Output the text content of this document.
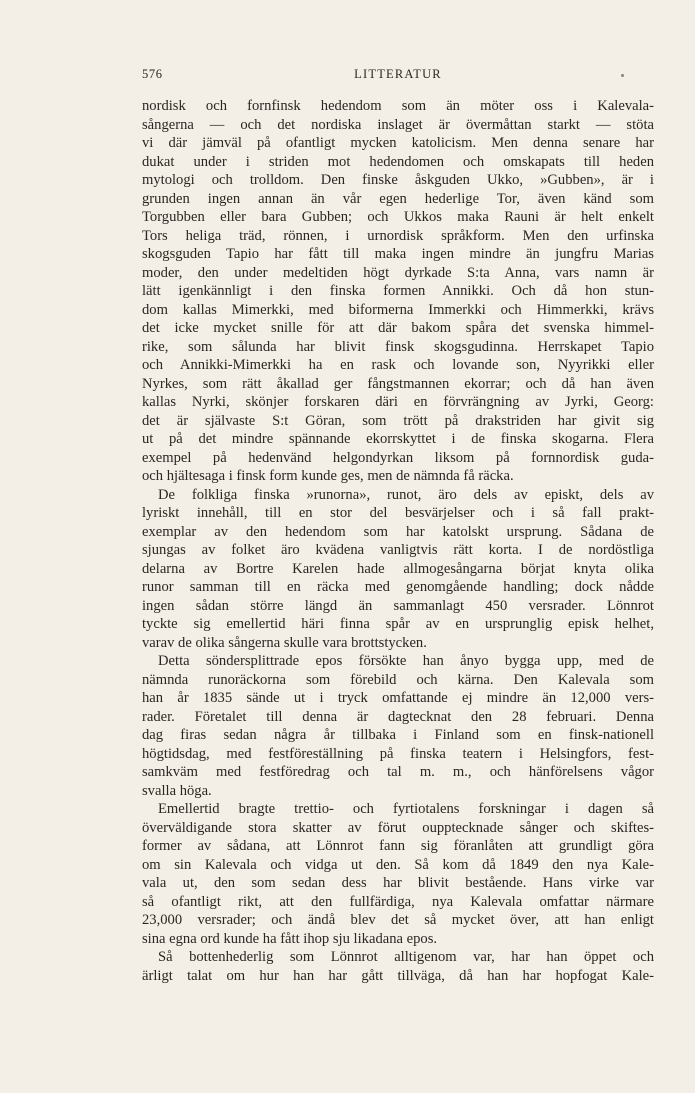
576	LITTERATUR
nordisk och fornfinsk hedendom som än möter oss i Kalevala-
sångerna — och det nordiska inslaget är övermåttan starkt — stöta
vi där jämväl på ofantligt mycken katolicism. Men denna senare har
dukat under i striden mot hedendomen och omskapats till heden
mytologi och trolldom. Den finske åskguden Ukko, »Gubben», är i
grunden ingen annan än vår egen hederlige Tor, även känd som
Torgubben eller bara Gubben; och Ukkos maka Rauni är helt enkelt
Tors heliga träd, rönnen, i urnordisk språkform. Men den urfinska
skogsguden Tapio har fått till maka ingen mindre än jungfru Marias
moder, den under medeltiden högt dyrkade S:ta Anna, vars namn är
lätt igenkännligt i den finska formen Annikki. Och då hon stun-
dom kallas Mimerkki, med biformerna Immerkki och Himmerkki, krävs
det icke mycket snille för att där bakom spåra det svenska himmel-
rike, som sålunda har blivit finsk skogsgudinna. Herrskapet Tapio
och Annikki-Mimerkki ha en rask och lovande son, Nyyrikki eller
Nyrkes, som rätt åkallad ger fångstmannen ekorrar; och då han även
kallas Nyrki, skönjer forskaren däri en förvrängning av Jyrki, Georg:
det är självaste S:t Göran, som trött på drakstriden har givit sig
ut på det mindre spännande ekorrskyttet i de finska skogarna. Flera
exempel på hedenvänd helgondyrkan liksom på fornnordisk guda-
och hjältesaga i finsk form kunde ges, men de nämnda få räcka.
De folkliga finska »runorna», runot, äro dels av episkt, dels av
lyriskt innehåll, till en stor del besvärjelser och i så fall prakt-
exemplar av den hedendom som har katolskt ursprung. Sådana de
sjungas av folket äro kvädena vanligtvis rätt korta. I de nordöstliga
delarna av Bortre Karelen hade allmogesångarna börjat knyta olika
runor samman till en räcka med genomgående handling; dock nådde
ingen sådan större längd än sammanlagt 450 versrader. Lönnrot
tyckte sig emellertid häri finna spår av en ursprunglig episk helhet,
varav de olika sångerna skulle vara brottstycken.
Detta söndersplittrade epos försökte han ånyo bygga upp, med de
nämnda runoräckorna som förebild och kärna. Den Kalevala som
han år 1835 sände ut i tryck omfattande ej mindre än 12,000 vers-
rader. Företalet till denna är dagtecknat den 28 februari. Denna
dag firas sedan några år tillbaka i Finland som en finsk-nationell
högtidsdag, med festföreställning på finska teatern i Helsingfors, fest-
samkväm med festföredrag och tal m. m., och hänförelsens vågor
svalla höga.
Emellertid bragte trettio- och fyrtiotalens forskningar i dagen så
överväldigande stora skatter av förut oupptecknade sånger och skiftes-
former av sådana, att Lönnrot fann sig föranlåten att grundligt göra
om sin Kalevala och vidga ut den. Så kom då 1849 den nya Kale-
vala ut, den som sedan dess har blivit bestående. Hans virke var
så ofantligt rikt, att den fullfärdiga, nya Kalevala omfattar närmare
23,000 versrader; och ändå blev det så mycket över, att han enligt
sina egna ord kunde ha fått ihop sju likadana epos.
Så bottenhederlig som Lönnrot alltigenom var, har han öppet och
ärligt talat om hur han har gått tillväga, då han har hopfogat Kale-
